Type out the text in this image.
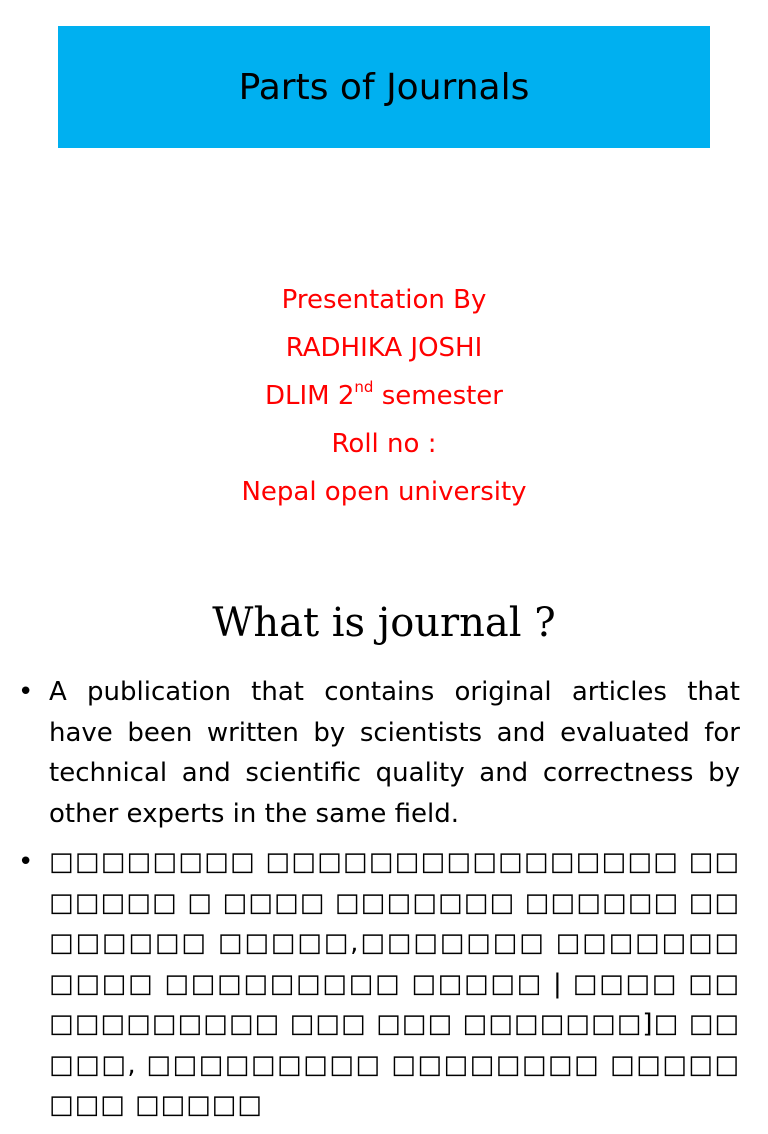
Parts of Journals
Presentation By
RADHIKA JOSHI
DLIM 2nd semester
Roll no :
Nepal open university
What is journal ?
• A publication that contains original articles that have been written by scientists and evaluated for technical and scientific quality and correctness by other experts in the same field.
• □□□□□□□□ □□□□□□□□□□□□□□□□ □□□□□□□ □ □□□□ □□□□□□□ □□□□□□ □□□□□□□□ □□□□□,□□□□□□□ □□□□□□□□□□□ □□□□□□□□□ □□□□□ | □□□□ □□□□□□□□□□□ □□□ □□□ □□□□□□□]□ □□□□□, □□□□□□□□□ □□□□□□□□ □□□□□ □□□ □□□□□
